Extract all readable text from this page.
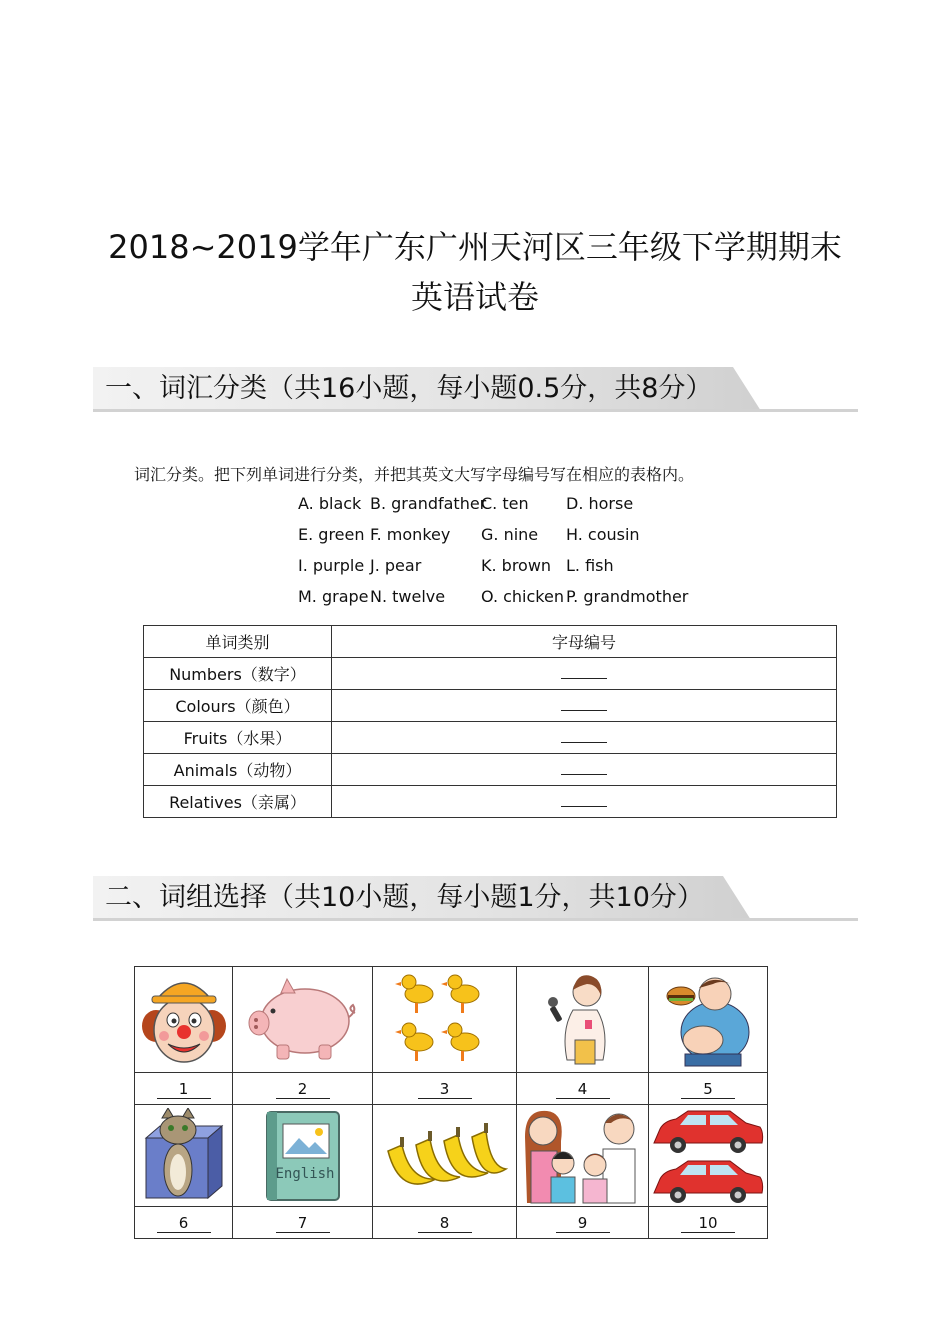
2018~2019学年广东广州天河区三年级下学期期末
英语试卷
一、词汇分类（共16小题，每小题0.5分，共8分）
词汇分类。把下列单词进行分类，并把其英文大写字母编号写在相应的表格内。
A. black B. grandfatherC. ten D. horse
E. green F. monkey G. nine H. cousin
I. purple J. pear	K. brown L. fish
M. grapeN. twelve O. chicken P. grandmother
单词类别	字母编号
Numbers（数字）	
Colours（颜色）	
Fruits（水果）	
Animals（动物）	
Relatives（亲属）	
二、词组选择（共10小题，每小题1分，共10分）

1	2	3	4	5

English

6	7	8	9	10
